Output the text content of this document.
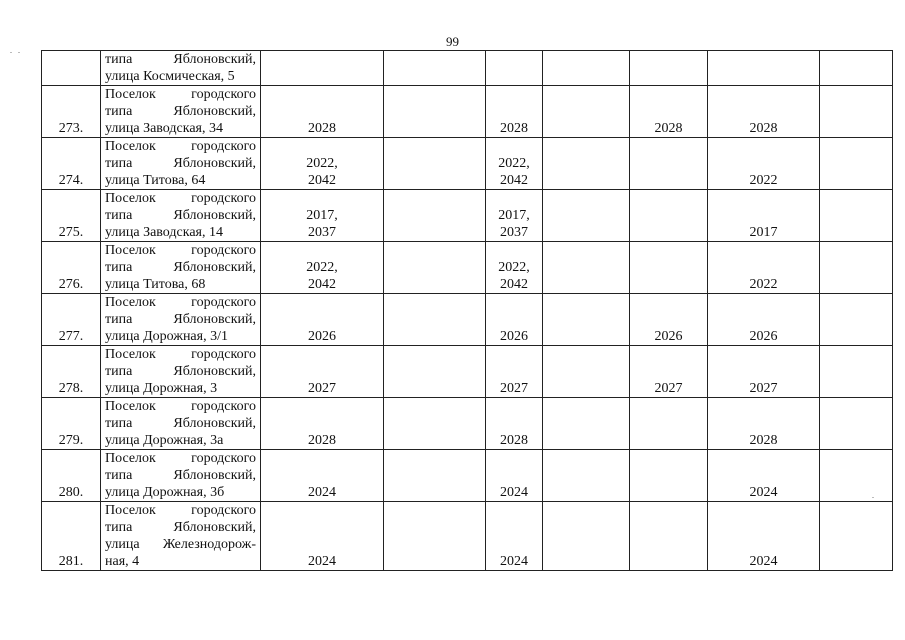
99

	типа Яблоновский,
улица Космическая, 5							

273.	Поселок городского
типа Яблоновский,
улица Заводская, 34	2028		2028		2028	2028	

274.	Поселок городского
типа Яблоновский,
улица Титова, 64	2022,
2042		2022,
2042			2022	

275.	Поселок городского
типа Яблоновский,
улица Заводская, 14	2017,
2037		2017,
2037			2017	

276.	Поселок городского
типа Яблоновский,
улица Титова, 68	2022,
2042		2022,
2042			2022	

277.	Поселок городского
типа Яблоновский,
улица Дорожная, 3/1	2026		2026		2026	2026	

278.	Поселок городского
типа Яблоновский,
улица Дорожная, 3	2027		2027		2027	2027	

279.	Поселок городского
типа Яблоновский,
улица Дорожная, 3а	2028		2028			2028	

280.	Поселок городского
типа Яблоновский,
улица Дорожная, 3б	2024		2024			2024	

281.	Поселок городского
типа Яблоновский,
улица Железнодорож-
ная, 4	2024		2024			2024	
